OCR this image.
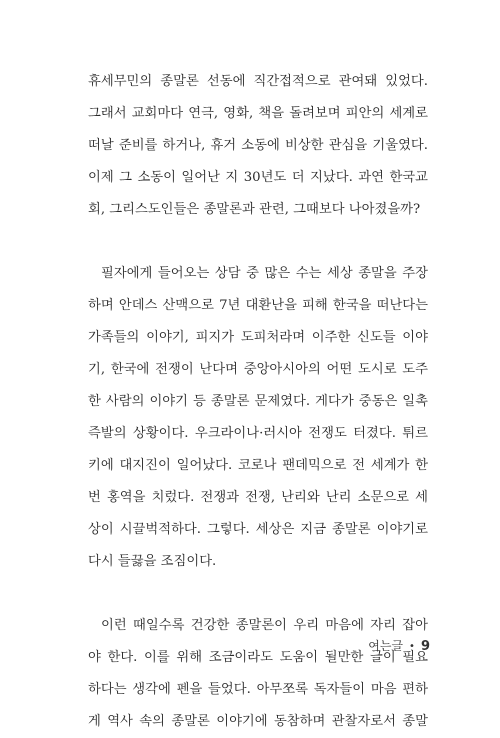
휴세무민의 종말론 선동에 직간접적으로 관여돼 있었다.
그래서 교회마다 연극, 영화, 책을 돌려보며 피안의 세계로
떠날 준비를 하거나, 휴거 소동에 비상한 관심을 기울였다.
이제 그 소동이 일어난 지 30년도 더 지났다. 과연 한국교
회, 그리스도인들은 종말론과 관련, 그때보다 나아졌을까?

필자에게 들어오는 상담 중 많은 수는 세상 종말을 주장
하며 안데스 산맥으로 7년 대환난을 피해 한국을 떠난다는
가족들의 이야기, 피지가 도피처라며 이주한 신도들 이야
기, 한국에 전쟁이 난다며 중앙아시아의 어떤 도시로 도주
한 사람의 이야기 등 종말론 문제였다. 게다가 중동은 일촉
즉발의 상황이다. 우크라이나·러시아 전쟁도 터졌다. 튀르
키에 대지진이 일어났다. 코로나 팬데믹으로 전 세계가 한
번 홍역을 치렀다. 전쟁과 전쟁, 난리와 난리 소문으로 세
상이 시끌벅적하다. 그렇다. 세상은 지금 종말론 이야기로
다시 들끓을 조짐이다.

이런 때일수록 건강한 종말론이 우리 마음에 자리 잡아
야 한다. 이를 위해 조금이라도 도움이 될만한 글이 필요
하다는 생각에 펜을 들었다. 아무쪼록 독자들이 마음 편하
게 역사 속의 종말론 이야기에 동참하며 관찰자로서 종말

여는글 • 9
